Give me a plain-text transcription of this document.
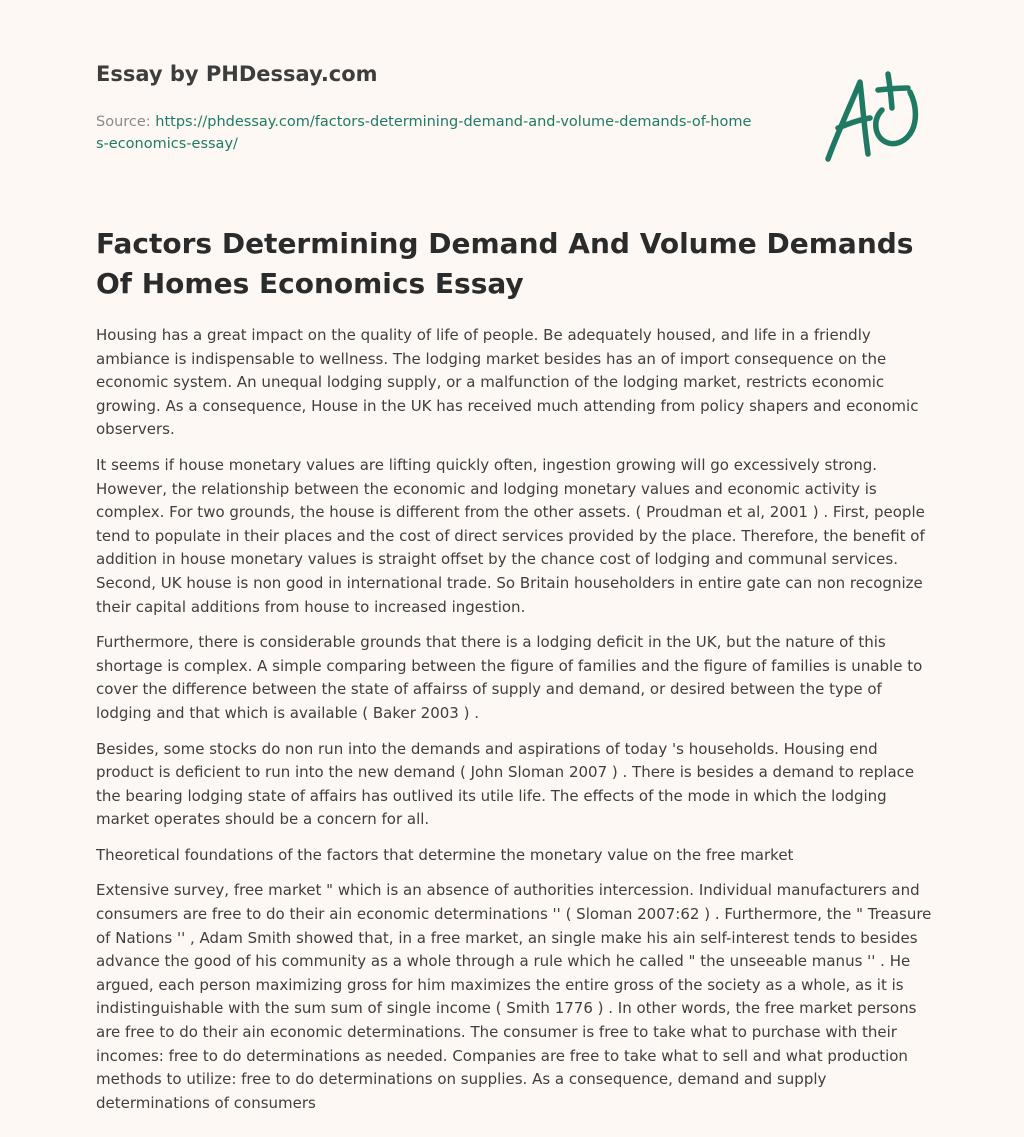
Essay by PHDessay.com
Source: https://phdessay.com/factors-determining-demand-and-volume-demands-of-homes-economics-essay/
Factors Determining Demand And Volume Demands Of Homes Economics Essay

Housing has a great impact on the quality of life of people. Be adequately housed, and life in a friendly ambiance is indispensable to wellness. The lodging market besides has an of import consequence on the economic system. An unequal lodging supply, or a malfunction of the lodging market, restricts economic growing. As a consequence, House in the UK has received much attending from policy shapers and economic observers.

It seems if house monetary values are lifting quickly often, ingestion growing will go excessively strong. However, the relationship between the economic and lodging monetary values and economic activity is complex. For two grounds, the house is different from the other assets. ( Proudman et al, 2001 ) . First, people tend to populate in their places and the cost of direct services provided by the place. Therefore, the benefit of addition in house monetary values is straight offset by the chance cost of lodging and communal services. Second, UK house is non good in international trade. So Britain householders in entire gate can non recognize their capital additions from house to increased ingestion.

Furthermore, there is considerable grounds that there is a lodging deficit in the UK, but the nature of this shortage is complex. A simple comparing between the figure of families and the figure of families is unable to cover the difference between the state of affairss of supply and demand, or desired between the type of lodging and that which is available ( Baker 2003 ) .

Besides, some stocks do non run into the demands and aspirations of today 's households. Housing end product is deficient to run into the new demand ( John Sloman 2007 ) . There is besides a demand to replace the bearing lodging state of affairs has outlived its utile life. The effects of the mode in which the lodging market operates should be a concern for all.

Theoretical foundations of the factors that determine the monetary value on the free market

Extensive survey, free market " which is an absence of authorities intercession. Individual manufacturers and consumers are free to do their ain economic determinations '' ( Sloman 2007:62 ) . Furthermore, the " Treasure of Nations '' , Adam Smith showed that, in a free market, an single make his ain self-interest tends to besides advance the good of his community as a whole through a rule which he called " the unseeable manus '' . He argued, each person maximizing gross for him maximizes the entire gross of the society as a whole, as it is indistinguishable with the sum sum of single income ( Smith 1776 ) . In other words, the free market persons are free to do their ain economic determinations. The consumer is free to take what to purchase with their incomes: free to do determinations as needed. Companies are free to take what to sell and what production methods to utilize: free to do determinations on supplies. As a consequence, demand and supply determinations of consumers
